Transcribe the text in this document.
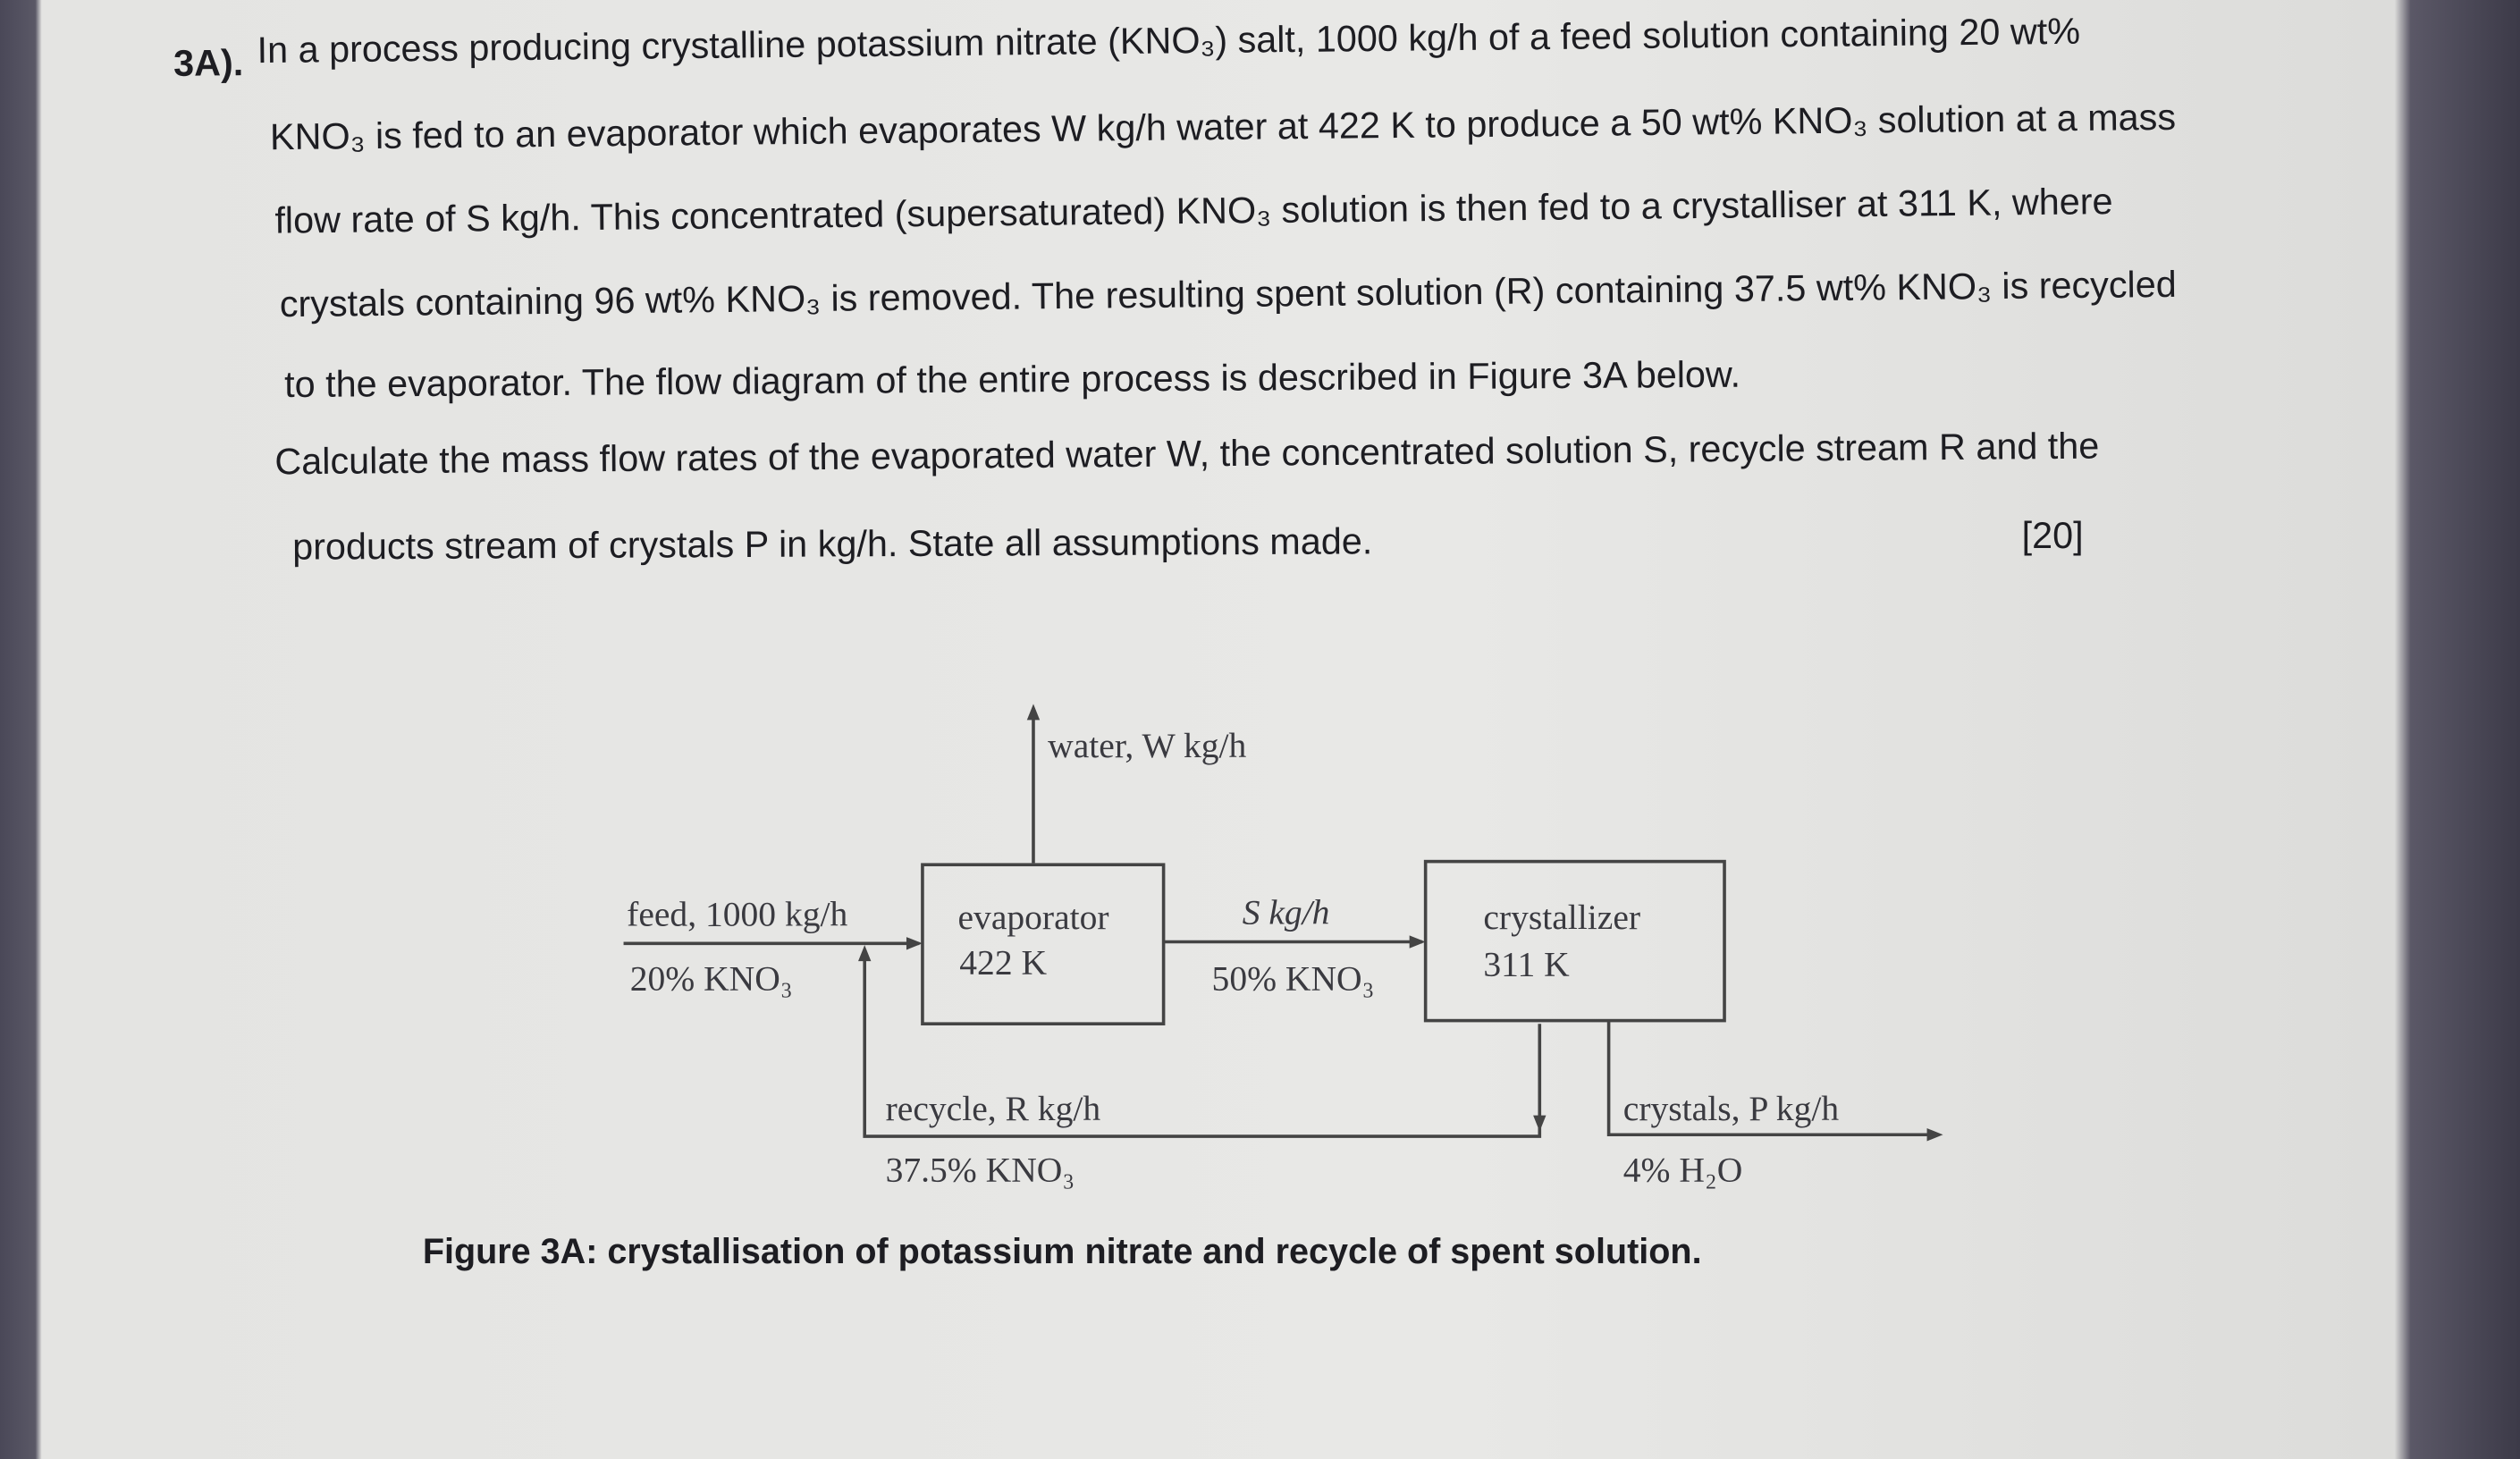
3A). In a process producing crystalline potassium nitrate (KNO₃) salt, 1000 kg/h of a feed solution containing 20 wt%
KNO₃ is fed to an evaporator which evaporates W kg/h water at 422 K to produce a 50 wt% KNO₃ solution at a mass
flow rate of S kg/h. This concentrated (supersaturated) KNO₃ solution is then fed to a crystalliser at 311 K, where
crystals containing 96 wt% KNO₃ is removed. The resulting spent solution (R) containing 37.5 wt% KNO₃ is recycled
to the evaporator. The flow diagram of the entire process is described in Figure 3A below.
Calculate the mass flow rates of the evaporated water W, the concentrated solution S, recycle stream R and the
products stream of crystals P in kg/h. State all assumptions made.	[20]
water, W kg/h
feed, 1000 kg/h
20% KNO₃
evaporator
422 K
S kg/h
50% KNO₃
crystallizer
311 K
recycle, R kg/h
37.5% KNO₃
crystals, P kg/h
4% H₂O
Figure 3A: crystallisation of potassium nitrate and recycle of spent solution.
